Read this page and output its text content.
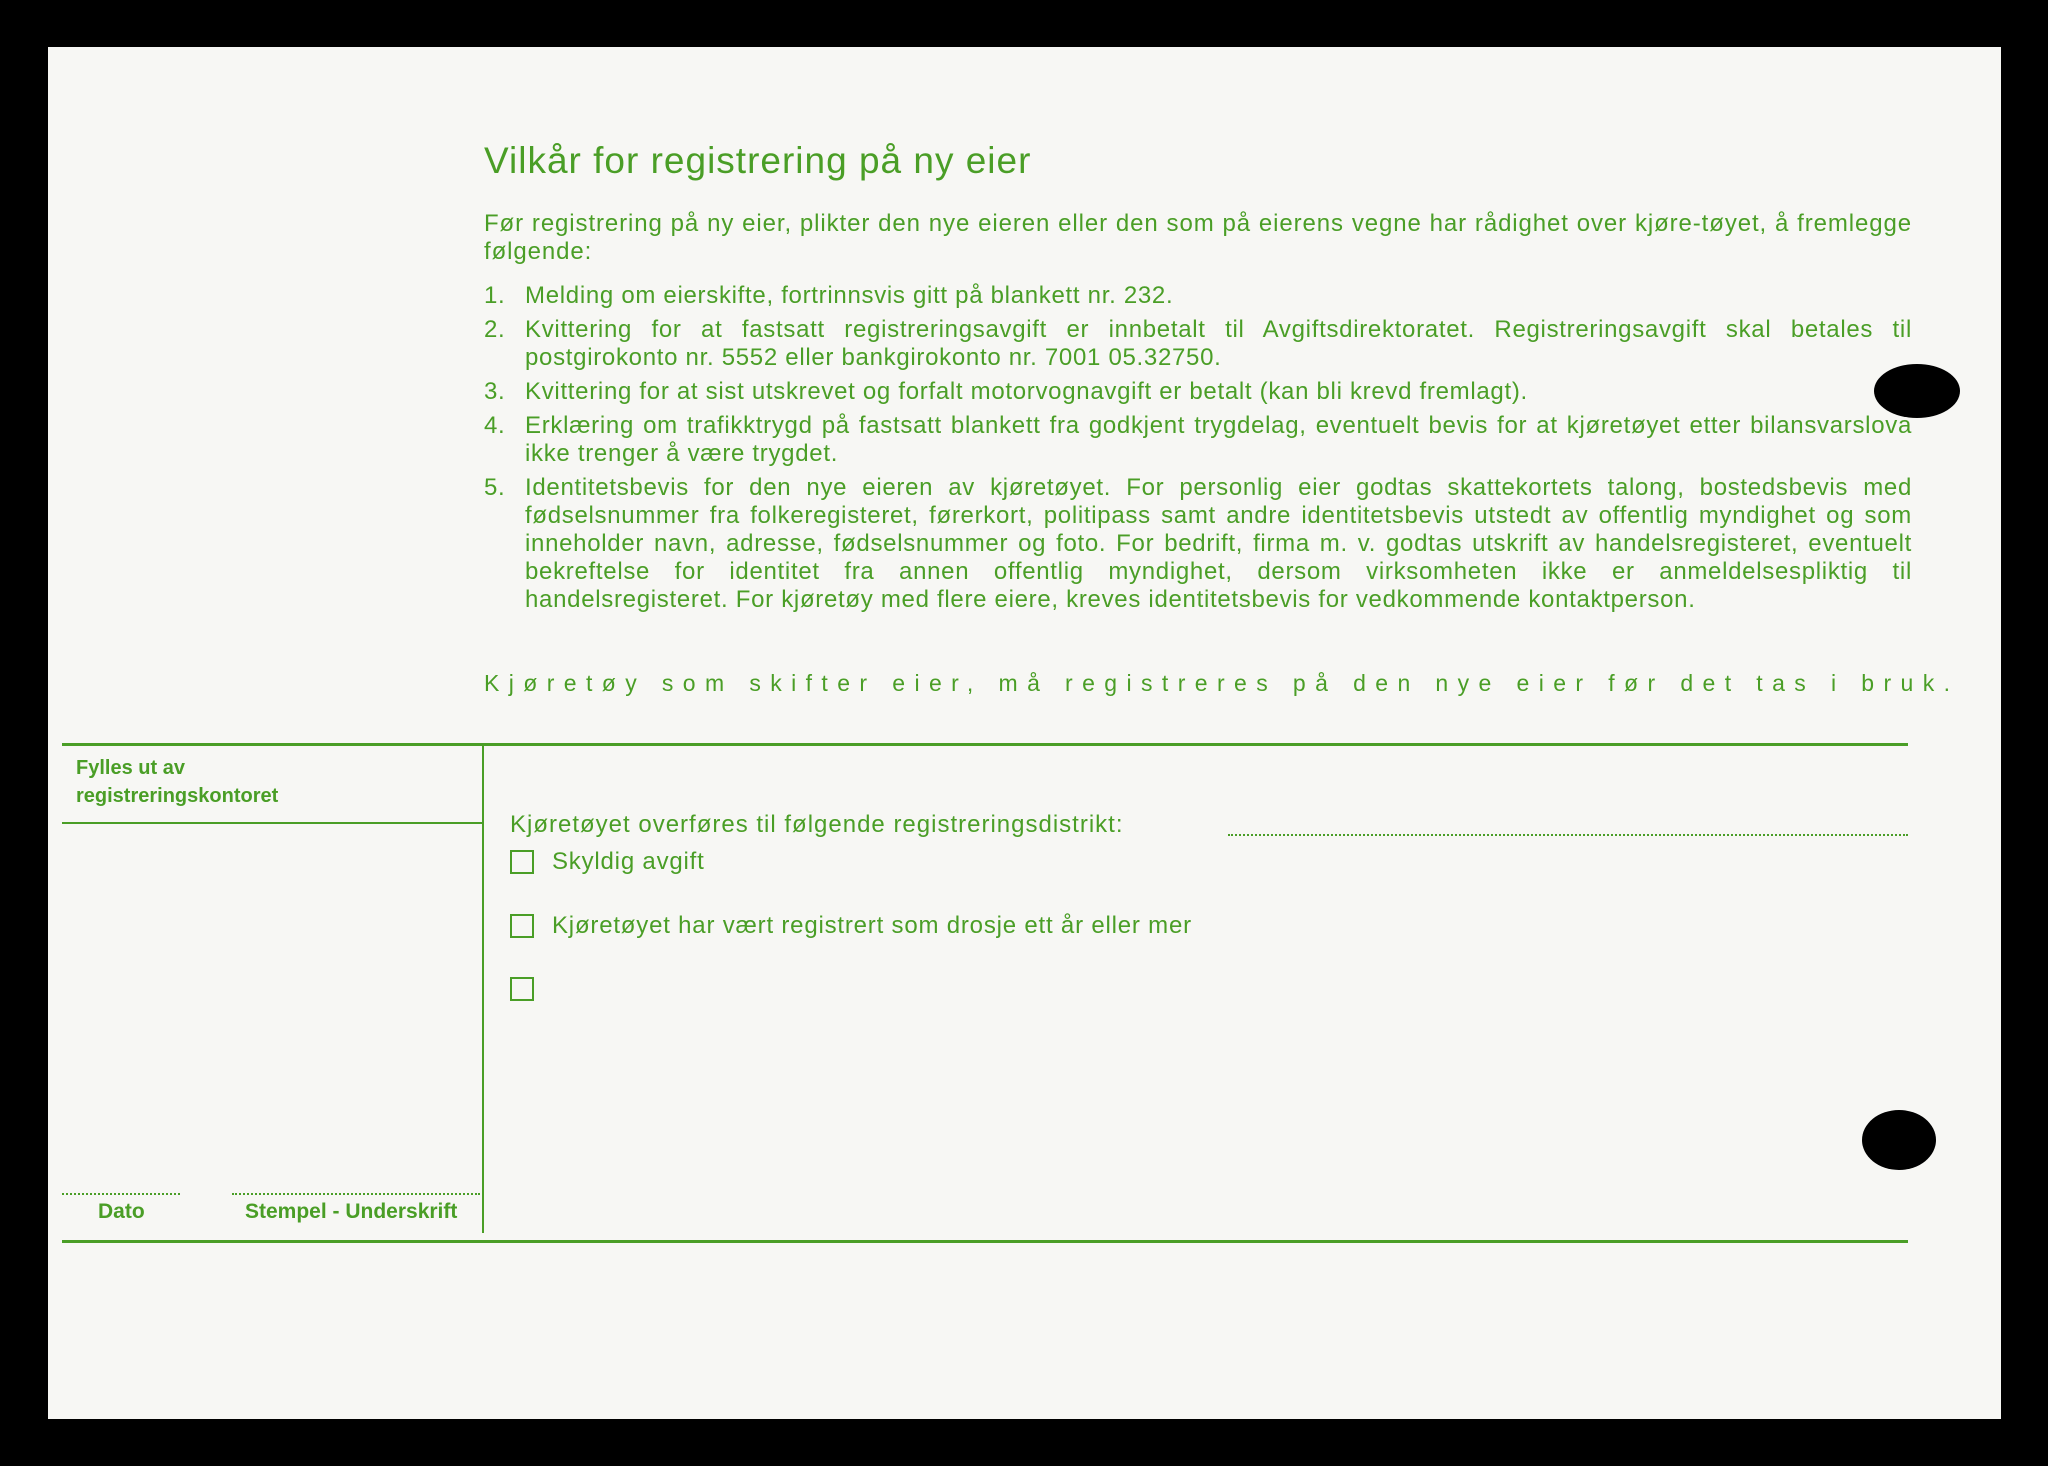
Vilkår for registrering på ny eier
Før registrering på ny eier, plikter den nye eieren eller den som på eierens vegne har rådighet over kjøre-tøyet, å fremlegge følgende:
1. Melding om eierskifte, fortrinnsvis gitt på blankett nr. 232.
2. Kvittering for at fastsatt registreringsavgift er innbetalt til Avgiftsdirektoratet. Registreringsavgift skal betales til postgirokonto nr. 5552 eller bankgirokonto nr. 7001 05.32750.
3. Kvittering for at sist utskrevet og forfalt motorvognavgift er betalt (kan bli krevd fremlagt).
4. Erklæring om trafikktrygd på fastsatt blankett fra godkjent trygdelag, eventuelt bevis for at kjøretøyet etter bilansvarslova ikke trenger å være trygdet.
5. Identitetsbevis for den nye eieren av kjøretøyet. For personlig eier godtas skattekortets talong, bostedsbevis med fødselsnummer fra folkeregisteret, førerkort, politipass samt andre identitetsbevis utstedt av offentlig myndighet og som inneholder navn, adresse, fødselsnummer og foto. For bedrift, firma m. v. godtas utskrift av handelsregisteret, eventuelt bekreftelse for identitet fra annen offentlig myndighet, dersom virksomheten ikke er anmeldelsespliktig til handelsregisteret. For kjøretøy med flere eiere, kreves identitetsbevis for vedkommende kontaktperson.
Kjøretøy som skifter eier, må registreres på den nye eier før det tas i bruk.
Fylles ut av
registreringskontoret
Dato	Stempel - Underskrift
Kjøretøyet overføres til følgende registreringsdistrikt:
Skyldig avgift
Kjøretøyet har vært registrert som drosje ett år eller mer
